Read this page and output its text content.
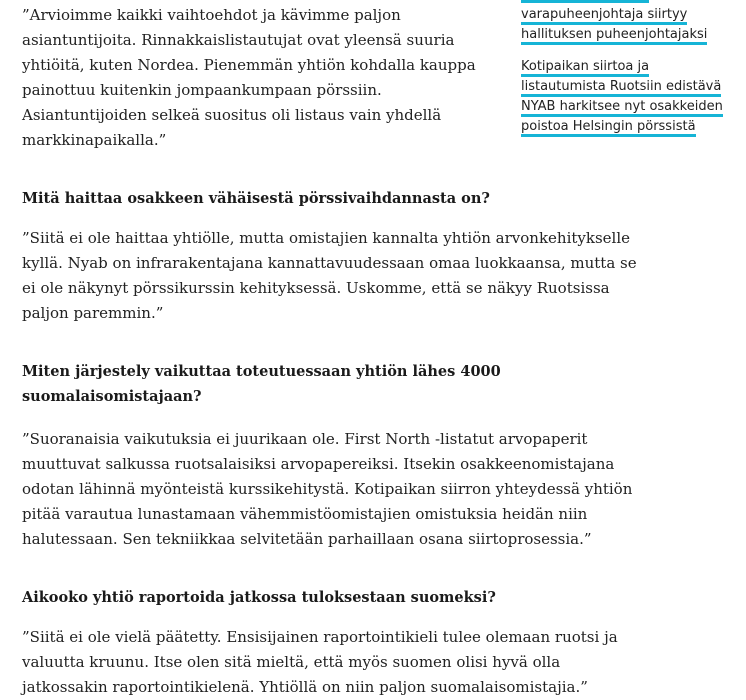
”Arvioimme kaikki vaihtoehdot ja kävimme paljon asiantuntijoita. Rinnakkaislistautujat ovat yleensä suuria yhtiöitä, kuten Nordea. Pienemmän yhtiön kohdalla kauppa painottuu kuitenkin jompaankumpaan pörssiin. Asiantuntijoiden selkeä suositus oli listaus vain yhdellä markkinapaikalla.”

Mitä haittaa osakkeen vähäisestä pörssivaihdannasta on?

”Siitä ei ole haittaa yhtiölle, mutta omistajien kannalta yhtiön arvonkehitykselle kyllä. Nyab on infrarakentajana kannattavuudessaan omaa luokkaansa, mutta se ei ole näkynyt pörssikurssin kehityksessä. Uskomme, että se näkyy Ruotsissa paljon paremmin.”

Miten järjestely vaikuttaa toteutuessaan yhtiön lähes 4000 suomalaisomistajaan?

”Suoranaisia vaikutuksia ei juurikaan ole. First North -listatut arvopaperit muuttuvat salkussa ruotsalaisiksi arvopapereiksi. Itsekin osakkeenomistajana odotan lähinnä myönteistä kurssikehitystä. Kotipaikan siirron yhteydessä yhtiön pitää varautua lunastamaan vähemmistöomistajien omistuksia heidän niin halutessaan. Sen tekniikkaa selvitetään parhaillaan osana siirtoprosessia.”

Aikooko yhtiö raportoida jatkossa tuloksestaan suomeksi?

”Siitä ei ole vielä päätetty. Ensisijainen raportointikieli tulee olemaan ruotsi ja valuutta kruunu. Itse olen sitä mieltä, että myös suomen olisi hyvä olla jatkossakin raportointikielenä. Yhtiöllä on niin paljon suomalaisomistajia.”

varapuheenjohtaja siirtyy hallituksen puheenjohtajaksi
Kotipaikan siirtoa ja listautumista Ruotsiin edistävä NYAB harkitsee nyt osakkeiden poistoa Helsingin pörssistä
